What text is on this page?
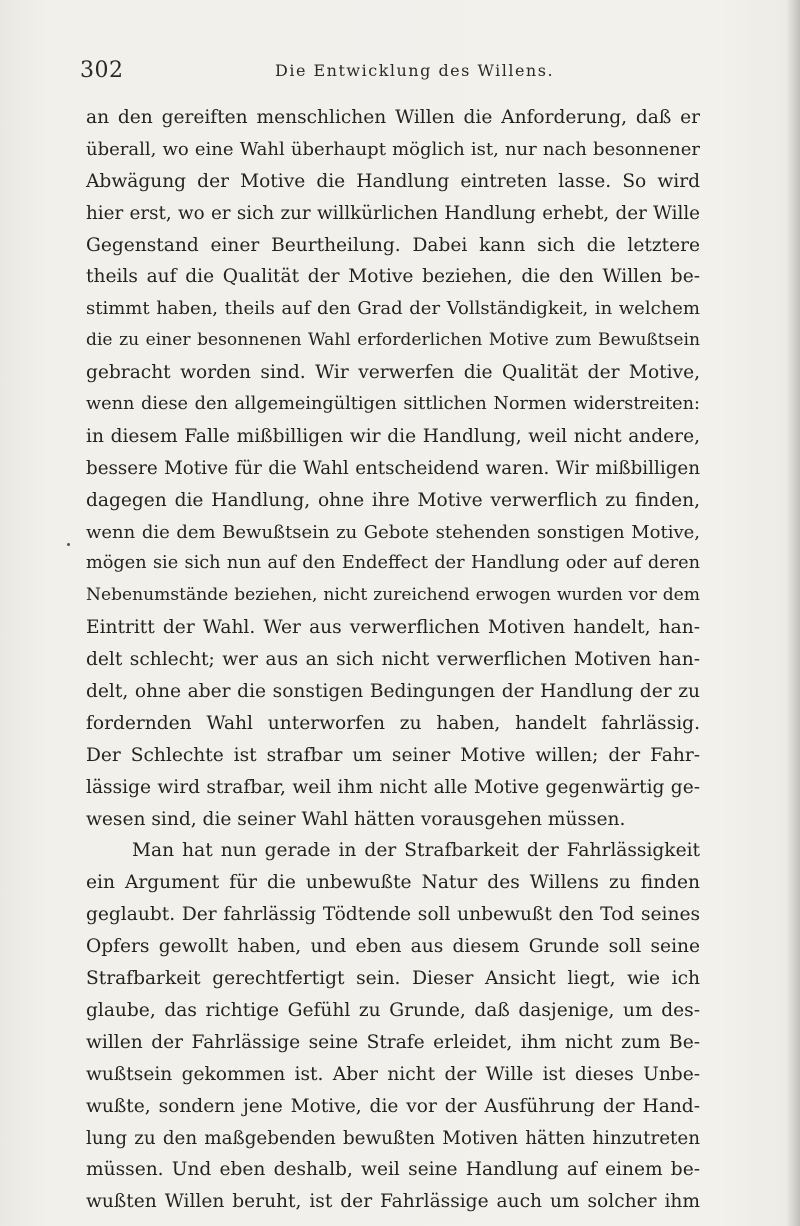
302	Die Entwicklung des Willens.
an den gereiften menschlichen Willen die Anforderung, daß er
überall, wo eine Wahl überhaupt möglich ist, nur nach besonnener
Abwägung der Motive die Handlung eintreten lasse. So wird
hier erst, wo er sich zur willkürlichen Handlung erhebt, der Wille
Gegenstand einer Beurtheilung. Dabei kann sich die letztere
theils auf die Qualität der Motive beziehen, die den Willen be-
stimmt haben, theils auf den Grad der Vollständigkeit, in welchem
die zu einer besonnenen Wahl erforderlichen Motive zum Bewußtsein
gebracht worden sind. Wir verwerfen die Qualität der Motive,
wenn diese den allgemeingültigen sittlichen Normen widerstreiten:
in diesem Falle mißbilligen wir die Handlung, weil nicht andere,
bessere Motive für die Wahl entscheidend waren. Wir mißbilligen
dagegen die Handlung, ohne ihre Motive verwerflich zu finden,
wenn die dem Bewußtsein zu Gebote stehenden sonstigen Motive,
mögen sie sich nun auf den Endeffect der Handlung oder auf deren
Nebenumstände beziehen, nicht zureichend erwogen wurden vor dem
Eintritt der Wahl. Wer aus verwerflichen Motiven handelt, han-
delt schlecht; wer aus an sich nicht verwerflichen Motiven han-
delt, ohne aber die sonstigen Bedingungen der Handlung der zu
fordernden Wahl unterworfen zu haben, handelt fahrlässig.
Der Schlechte ist strafbar um seiner Motive willen; der Fahr-
lässige wird strafbar, weil ihm nicht alle Motive gegenwärtig ge-
wesen sind, die seiner Wahl hätten vorausgehen müssen.
Man hat nun gerade in der Strafbarkeit der Fahrlässigkeit
ein Argument für die unbewußte Natur des Willens zu finden
geglaubt. Der fahrlässig Tödtende soll unbewußt den Tod seines
Opfers gewollt haben, und eben aus diesem Grunde soll seine
Strafbarkeit gerechtfertigt sein. Dieser Ansicht liegt, wie ich
glaube, das richtige Gefühl zu Grunde, daß dasjenige, um des-
willen der Fahrlässige seine Strafe erleidet, ihm nicht zum Be-
wußtsein gekommen ist. Aber nicht der Wille ist dieses Unbe-
wußte, sondern jene Motive, die vor der Ausführung der Hand-
lung zu den maßgebenden bewußten Motiven hätten hinzutreten
müssen. Und eben deshalb, weil seine Handlung auf einem be-
wußten Willen beruht, ist der Fahrlässige auch um solcher ihm
